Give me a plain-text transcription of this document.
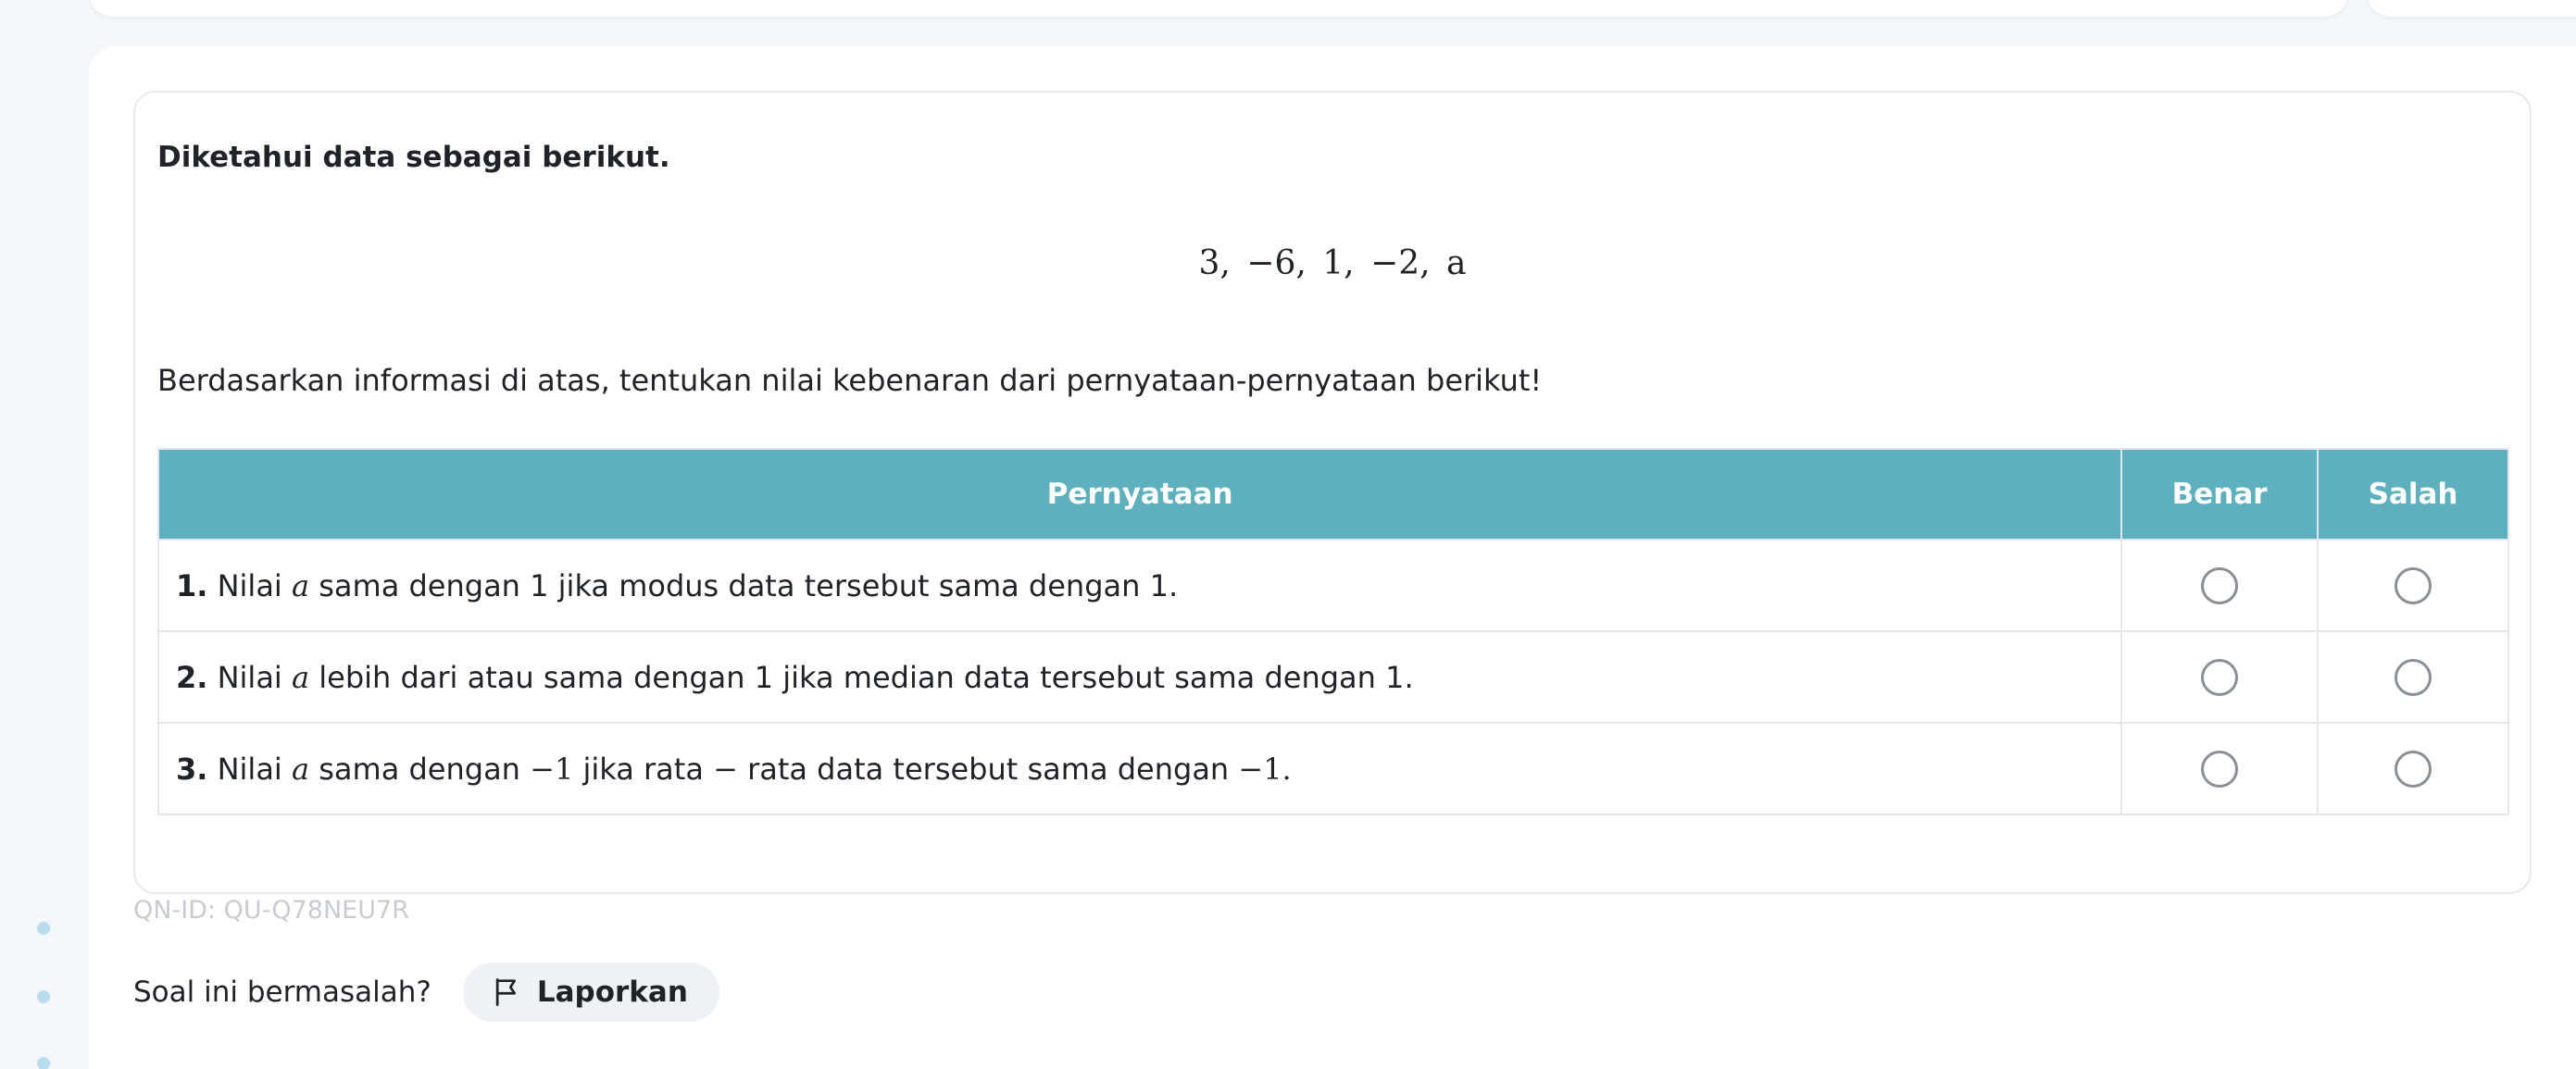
Diketahui data sebagai berikut.
3, −6, 1, −2, a
Berdasarkan informasi di atas, tentukan nilai kebenaran dari pernyataan-pernyataan berikut!
Pernyataan	Benar	Salah
1. Nilai a sama dengan 1 jika modus data tersebut sama dengan 1.		
2. Nilai a lebih dari atau sama dengan 1 jika median data tersebut sama dengan 1.		
3. Nilai a sama dengan −1 jika rata − rata data tersebut sama dengan −1.		
QN-ID: QU-Q78NEU7R
Soal ini bermasalah?	Laporkan
